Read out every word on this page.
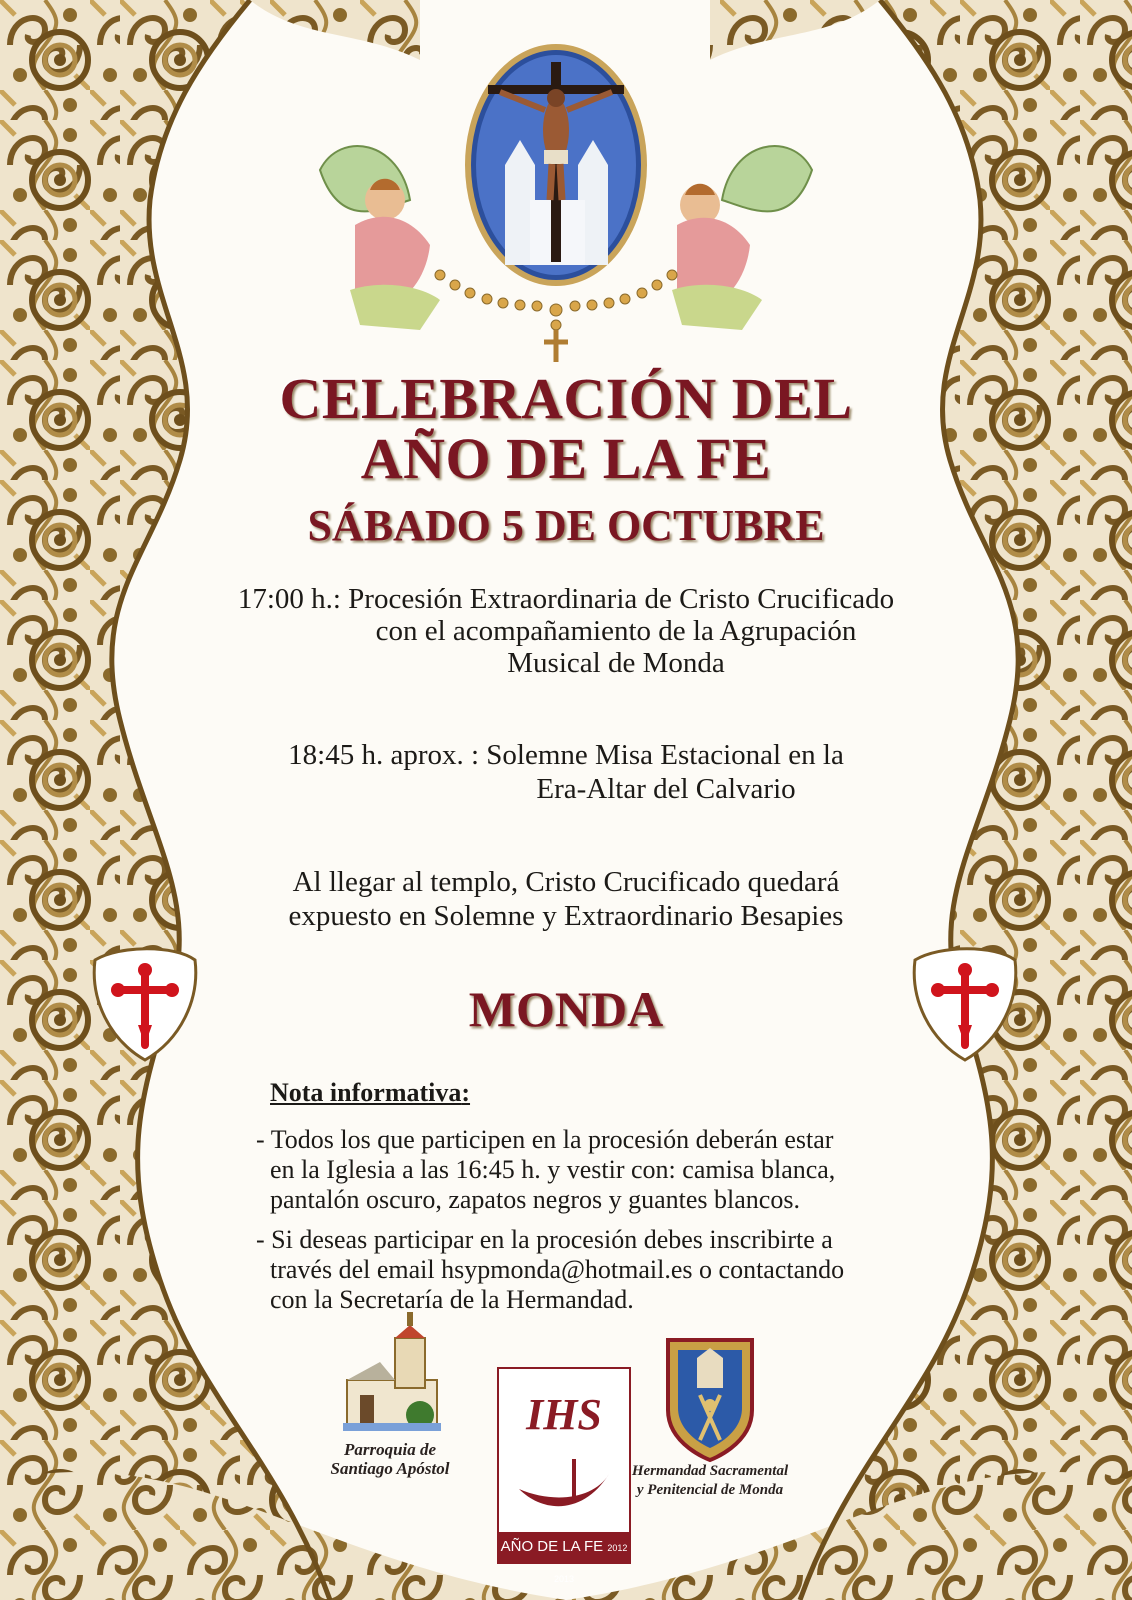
CELEBRACIÓN DEL
AÑO DE LA FE
SÁBADO 5 DE OCTUBRE
17:00 h.: Procesión Extraordinaria de Cristo Crucificado
con el acompañamiento de la Agrupación
Musical de Monda
18:45 h. aprox. : Solemne Misa Estacional en la
Era-Altar del Calvario
Al llegar al templo, Cristo Crucificado quedará
expuesto en Solemne y Extraordinario Besapies
MONDA
Nota informativa:
- Todos los que participen en la procesión deberán estar
en la Iglesia a las 16:45 h. y vestir con: camisa blanca,
pantalón oscuro, zapatos negros y guantes blancos.
- Si deseas participar en la procesión debes inscribirte a
través del email hsypmonda@hotmail.es o contactando
con la Secretaría de la Hermandad.
Parroquia de
Santiago Apóstol
IHS
AÑO DE LA FE 2012 2013
Hermandad Sacramental
y Penitencial de Monda
